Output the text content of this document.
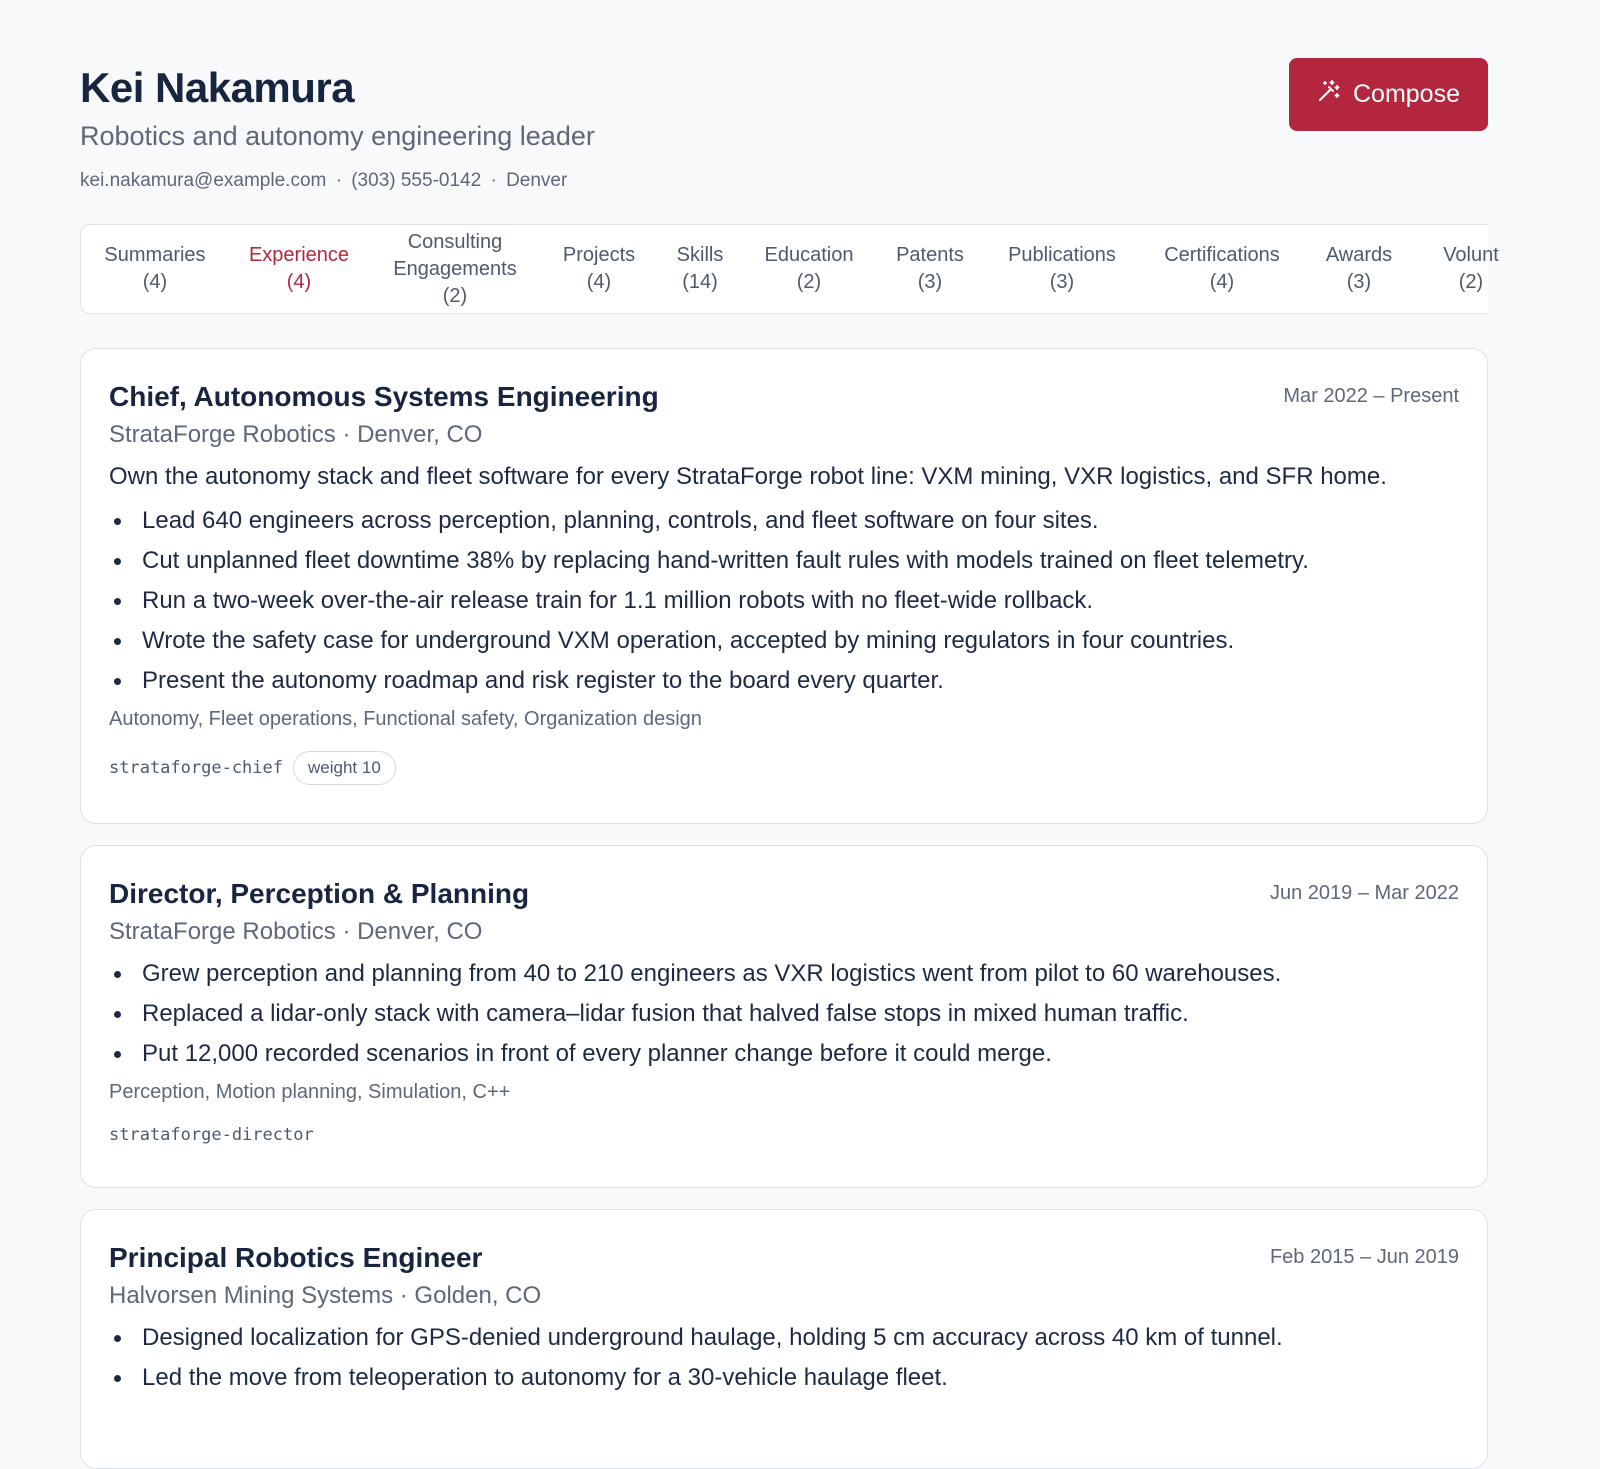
Kei Nakamura
Robotics and autonomy engineering leader
kei.nakamura@example.com · (303) 555-0142 · Denver
Compose
Summaries
(4)
Experience
(4)
Consulting
Engagements
(2)
Projects
(4)
Skills
(14)
Education
(2)
Patents
(3)
Publications
(3)
Certifications
(4)
Awards
(3)
Volunt
(2)
Chief, Autonomous Systems Engineering	Mar 2022 – Present
StrataForge Robotics · Denver, CO
Own the autonomy stack and fleet software for every StrataForge robot line: VXM mining, VXR logistics, and SFR home.
Lead 640 engineers across perception, planning, controls, and fleet software on four sites.
Cut unplanned fleet downtime 38% by replacing hand-written fault rules with models trained on fleet telemetry.
Run a two-week over-the-air release train for 1.1 million robots with no fleet-wide rollback.
Wrote the safety case for underground VXM operation, accepted by mining regulators in four countries.
Present the autonomy roadmap and risk register to the board every quarter.
Autonomy, Fleet operations, Functional safety, Organization design
strataforge-chief	weight 10
Director, Perception & Planning	Jun 2019 – Mar 2022
StrataForge Robotics · Denver, CO
Grew perception and planning from 40 to 210 engineers as VXR logistics went from pilot to 60 warehouses.
Replaced a lidar-only stack with camera–lidar fusion that halved false stops in mixed human traffic.
Put 12,000 recorded scenarios in front of every planner change before it could merge.
Perception, Motion planning, Simulation, C++
strataforge-director
Principal Robotics Engineer	Feb 2015 – Jun 2019
Halvorsen Mining Systems · Golden, CO
Designed localization for GPS-denied underground haulage, holding 5 cm accuracy across 40 km of tunnel.
Led the move from teleoperation to autonomy for a 30-vehicle haulage fleet.
